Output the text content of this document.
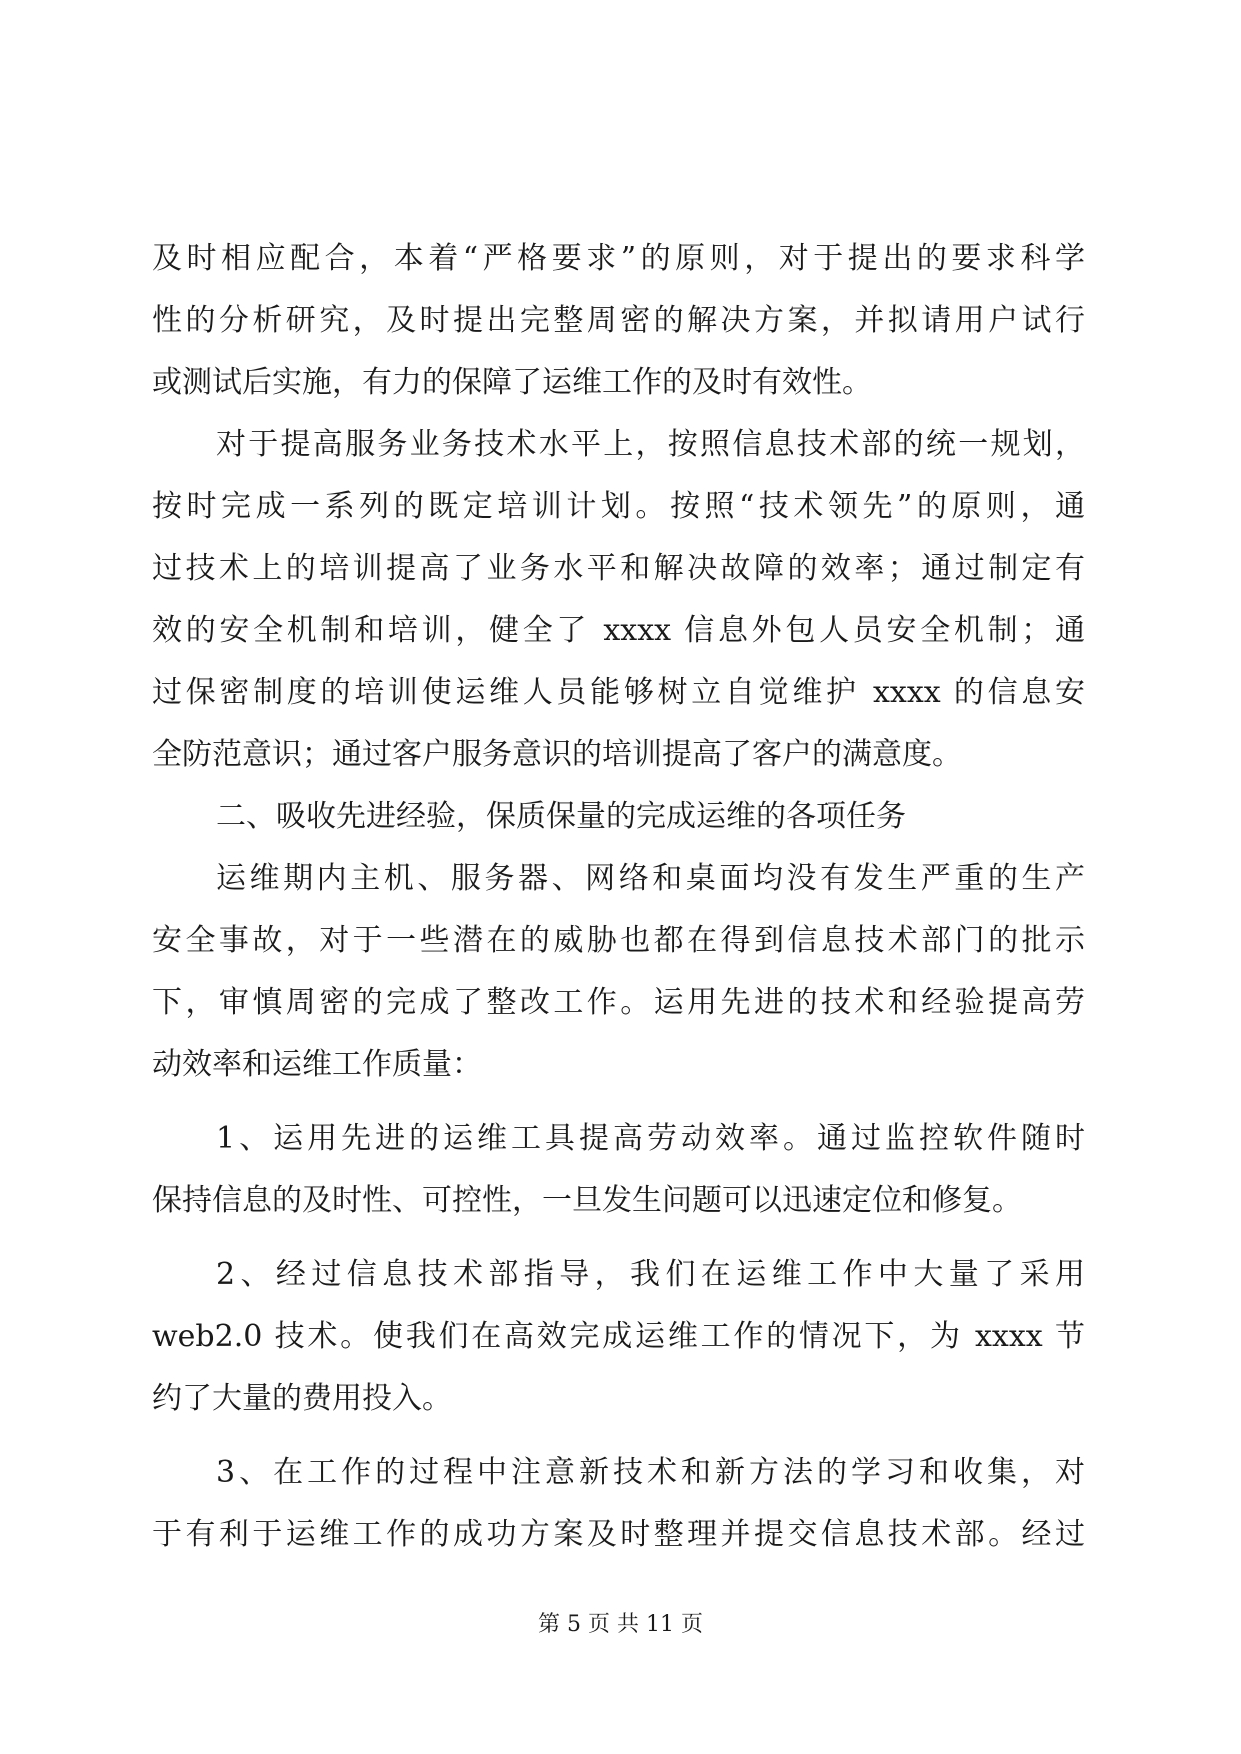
及时相应配合，本着“严格要求”的原则，对于提出的要求科学
性的分析研究，及时提出完整周密的解决方案，并拟请用户试行
或测试后实施，有力的保障了运维工作的及时有效性。
对于提高服务业务技术水平上，按照信息技术部的统一规划，
按时完成一系列的既定培训计划。按照“技术领先”的原则，通
过技术上的培训提高了业务水平和解决故障的效率；通过制定有
效的安全机制和培训，健全了 xxxx 信息外包人员安全机制；通
过保密制度的培训使运维人员能够树立自觉维护 xxxx 的信息安
全防范意识；通过客户服务意识的培训提高了客户的满意度。
二、吸收先进经验，保质保量的完成运维的各项任务
运维期内主机、服务器、网络和桌面均没有发生严重的生产
安全事故，对于一些潜在的威胁也都在得到信息技术部门的批示
下，审慎周密的完成了整改工作。运用先进的技术和经验提高劳
动效率和运维工作质量：
1、运用先进的运维工具提高劳动效率。通过监控软件随时
保持信息的及时性、可控性，一旦发生问题可以迅速定位和修复。
2、经过信息技术部指导，我们在运维工作中大量了采用
web2.0 技术。使我们在高效完成运维工作的情况下，为 xxxx 节
约了大量的费用投入。
3、在工作的过程中注意新技术和新方法的学习和收集，对
于有利于运维工作的成功方案及时整理并提交信息技术部。经过
第 5 页 共 11 页
